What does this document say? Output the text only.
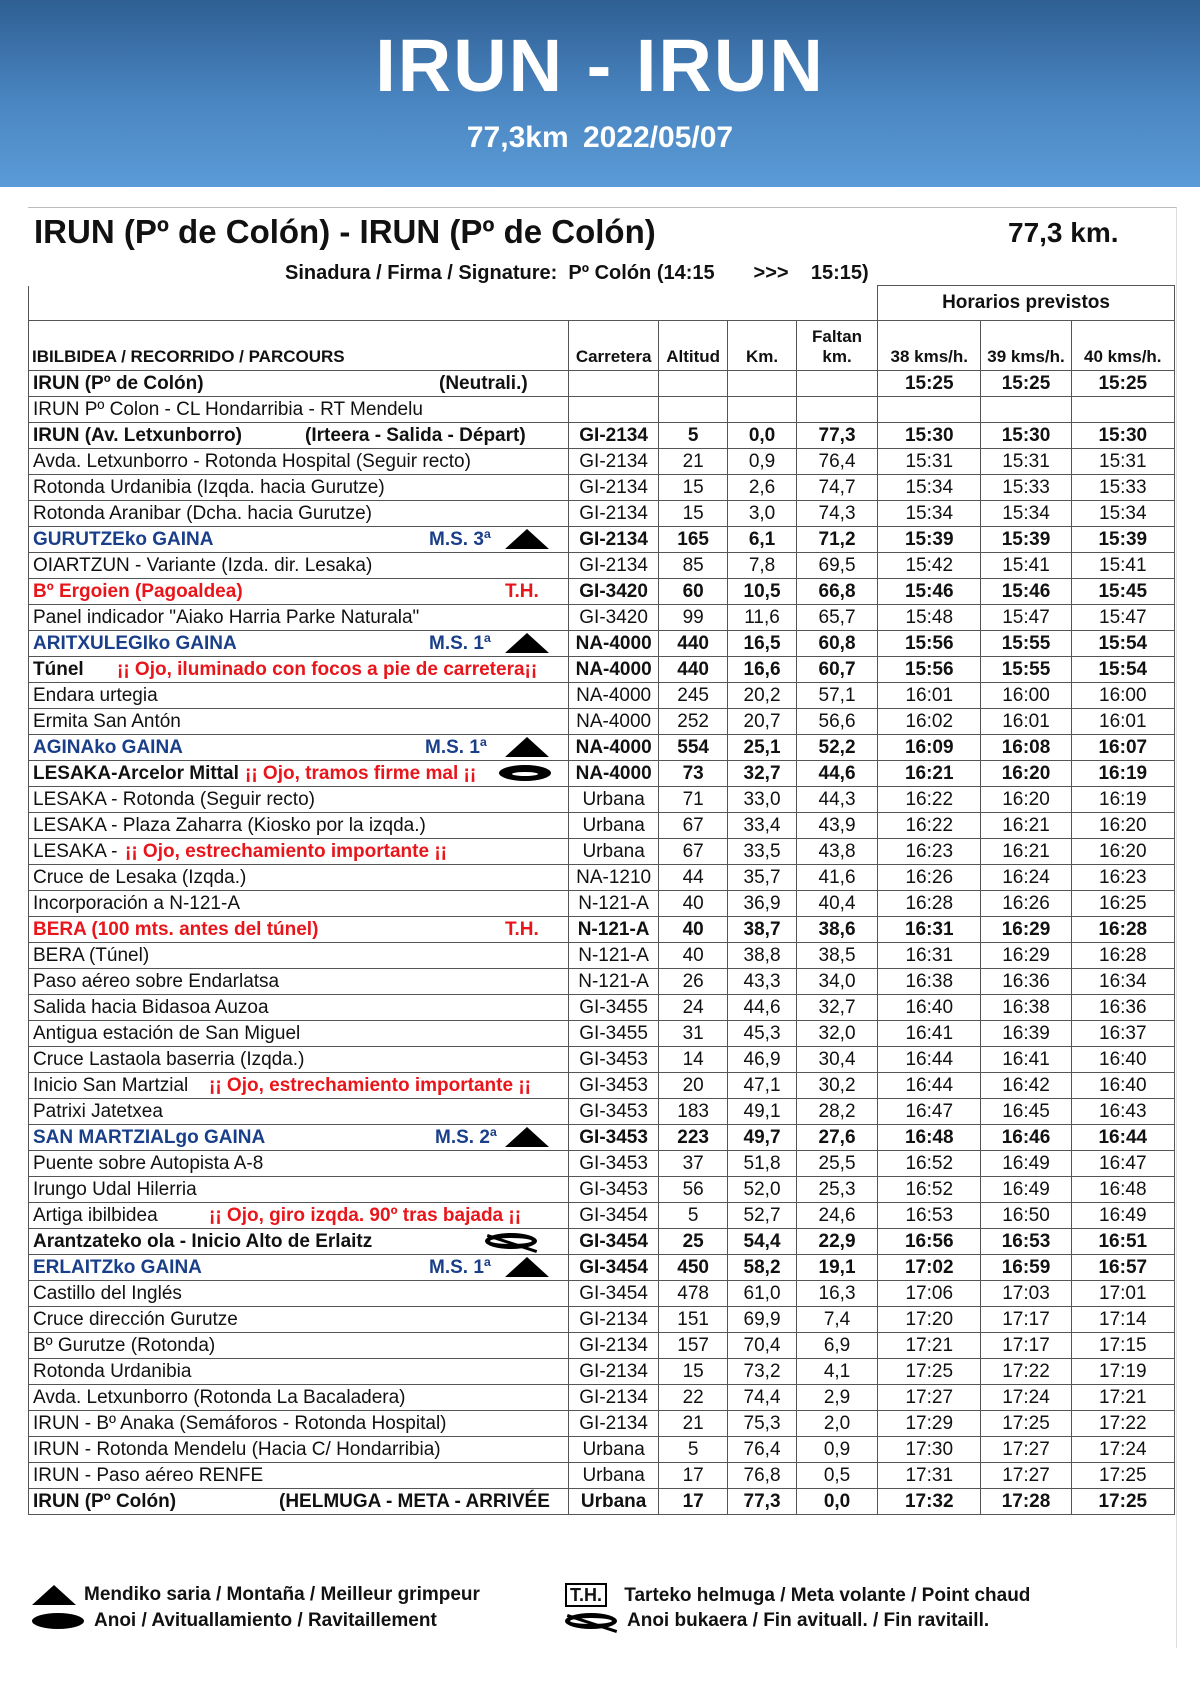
IRUN - IRUN
77,3km 2022/05/07
IRUN (Pº de Colón) - IRUN (Pº de Colón)	77,3 km.
Sinadura / Firma / Signature: Pº Colón (14:15 >>> 15:15)
					Horarios previstos		
IBILBIDEA / RECORRIDO / PARCOURS	Carretera	Altitud	Km.	Faltan km.	38 kms/h.	39 kms/h.	40 kms/h.

IRUN (Pº de Colón) (Neutrali.)					15:25	15:25	15:25

IRUN Pº Colon - CL Hondarribia - RT Mendelu							

IRUN (Av. Letxunborro) (Irteera - Salida - Départ)	GI-2134	5	0,0	77,3	15:30	15:30	15:30

Avda. Letxunborro - Rotonda Hospital (Seguir recto)	GI-2134	21	0,9	76,4	15:31	15:31	15:31

Rotonda Urdanibia (Izqda. hacia Gurutze)	GI-2134	15	2,6	74,7	15:34	15:33	15:33

Rotonda Aranibar (Dcha. hacia Gurutze)	GI-2134	15	3,0	74,3	15:34	15:34	15:34

GURUTZEko GAINA M.S. 3ª	GI-2134	165	6,1	71,2	15:39	15:39	15:39

OIARTZUN - Variante (Izda. dir. Lesaka)	GI-2134	85	7,8	69,5	15:42	15:41	15:41

Bº Ergoien (Pagoaldea) T.H.	GI-3420	60	10,5	66,8	15:46	15:46	15:45

Panel indicador "Aiako Harria Parke Naturala"	GI-3420	99	11,6	65,7	15:48	15:47	15:47

ARITXULEGIko GAINA M.S. 1ª	NA-4000	440	16,5	60,8	15:56	15:55	15:54

Túnel ¡¡ Ojo, iluminado con focos a pie de carretera¡¡	NA-4000	440	16,6	60,7	15:56	15:55	15:54

Endara urtegia	NA-4000	245	20,2	57,1	16:01	16:00	16:00

Ermita San Antón	NA-4000	252	20,7	56,6	16:02	16:01	16:01

AGINAko GAINA M.S. 1ª	NA-4000	554	25,1	52,2	16:09	16:08	16:07

LESAKA-Arcelor Mittal ¡¡ Ojo, tramos firme mal ¡¡	NA-4000	73	32,7	44,6	16:21	16:20	16:19

LESAKA - Rotonda (Seguir recto)	Urbana	71	33,0	44,3	16:22	16:20	16:19

LESAKA - Plaza Zaharra (Kiosko por la izqda.)	Urbana	67	33,4	43,9	16:22	16:21	16:20

LESAKA - ¡¡ Ojo, estrechamiento importante ¡¡	Urbana	67	33,5	43,8	16:23	16:21	16:20

Cruce de Lesaka (Izqda.)	NA-1210	44	35,7	41,6	16:26	16:24	16:23

Incorporación a N-121-A	N-121-A	40	36,9	40,4	16:28	16:26	16:25

BERA (100 mts. antes del túnel) T.H.	N-121-A	40	38,7	38,6	16:31	16:29	16:28

BERA (Túnel)	N-121-A	40	38,8	38,5	16:31	16:29	16:28

Paso aéreo sobre Endarlatsa	N-121-A	26	43,3	34,0	16:38	16:36	16:34

Salida hacia Bidasoa Auzoa	GI-3455	24	44,6	32,7	16:40	16:38	16:36

Antigua estación de San Miguel	GI-3455	31	45,3	32,0	16:41	16:39	16:37

Cruce Lastaola baserria (Izqda.)	GI-3453	14	46,9	30,4	16:44	16:41	16:40

Inicio San Martzial ¡¡ Ojo, estrechamiento importante ¡¡	GI-3453	20	47,1	30,2	16:44	16:42	16:40

Patrixi Jatetxea	GI-3453	183	49,1	28,2	16:47	16:45	16:43

SAN MARTZIALgo GAINA M.S. 2ª	GI-3453	223	49,7	27,6	16:48	16:46	16:44

Puente sobre Autopista A-8	GI-3453	37	51,8	25,5	16:52	16:49	16:47

Irungo Udal Hilerria	GI-3453	56	52,0	25,3	16:52	16:49	16:48

Artiga ibilbidea ¡¡ Ojo, giro izqda. 90º tras bajada ¡¡	GI-3454	5	52,7	24,6	16:53	16:50	16:49

Arantzateko ola - Inicio Alto de Erlaitz	GI-3454	25	54,4	22,9	16:56	16:53	16:51

ERLAITZko GAINA M.S. 1ª	GI-3454	450	58,2	19,1	17:02	16:59	16:57

Castillo del Inglés	GI-3454	478	61,0	16,3	17:06	17:03	17:01

Cruce dirección Gurutze	GI-2134	151	69,9	7,4	17:20	17:17	17:14

Bº Gurutze (Rotonda)	GI-2134	157	70,4	6,9	17:21	17:17	17:15

Rotonda Urdanibia	GI-2134	15	73,2	4,1	17:25	17:22	17:19

Avda. Letxunborro (Rotonda La Bacaladera)	GI-2134	22	74,4	2,9	17:27	17:24	17:21

IRUN - Bº Anaka (Semáforos - Rotonda Hospital)	GI-2134	21	75,3	2,0	17:29	17:25	17:22

IRUN - Rotonda Mendelu (Hacia C/ Hondarribia)	Urbana	5	76,4	0,9	17:30	17:27	17:24

IRUN - Paso aéreo RENFE	Urbana	17	76,8	0,5	17:31	17:27	17:25

IRUN (Pº Colón) (HELMUGA - META - ARRIVÉE	Urbana	17	77,3	0,0	17:32	17:28	17:25
Mendiko saria / Montaña / Meilleur grimpeur
Anoi / Avituallamiento / Ravitaillement
T.H. Tarteko helmuga / Meta volante / Point chaud
Anoi bukaera / Fin avituall. / Fin ravitaill.
